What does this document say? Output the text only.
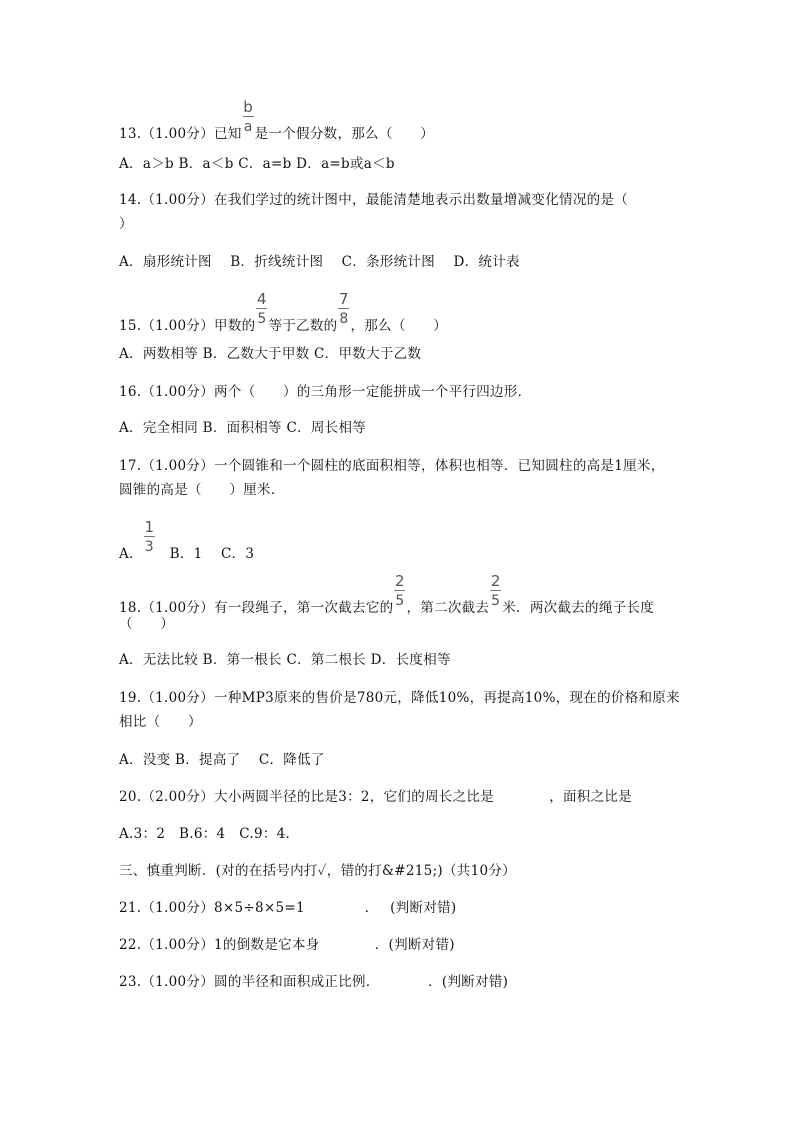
13.（1.00分）已知 $\frac{b}{a}$ 是一个假分数，那么（　　）
A．a＞b B．a＜b C．a=b D．a=b或a＜b
14.（1.00分）在我们学过的统计图中，最能清楚地表示出数量增减变化情况的是（
）
A．扇形统计图　 B．折线统计图　 C．条形统计图　 D．统计表
15.（1.00分）甲数的 $\frac{4}{5}$ 等于乙数的 $\frac{7}{8}$ ，那么（　　）
A．两数相等 B．乙数大于甲数 C．甲数大于乙数
16.（1.00分）两个（　　）的三角形一定能拼成一个平行四边形．
A．完全相同 B．面积相等 C．周长相等
17.（1.00分）一个圆锥和一个圆柱的底面积相等，体积也相等．已知圆柱的高是1厘米，
圆锥的高是（　　）厘米．
A． $\frac{1}{3}$ 　B．1　 C．3
18.（1.00分）有一段绳子，第一次截去它的 $\frac{2}{5}$ ，第二次截去 $\frac{2}{5}$ 米．两次截去的绳子长度
（　　）
A．无法比较 B．第一根长 C．第二根长 D．长度相等
19.（1.00分）一种MP3原来的售价是780元，降低10%，再提高10%，现在的价格和原来
相比（　　）
A．没变 B．提高了　 C．降低了
20.（2.00分）大小两圆半径的比是3：2，它们的周长之比是　　　　，面积之比是
A.3：2　B.6：4　C.9：4.
三、慎重判断．(对的在括号内打✓，错的打&#215;)（共10分）
21.（1.00分）8×5÷8×5=1　　　　 ．　 (判断对错)
22.（1.00分）1的倒数是它本身　　　　．(判断对错)
23.（1.00分）圆的半径和面积成正比例．　　　　．(判断对错)
